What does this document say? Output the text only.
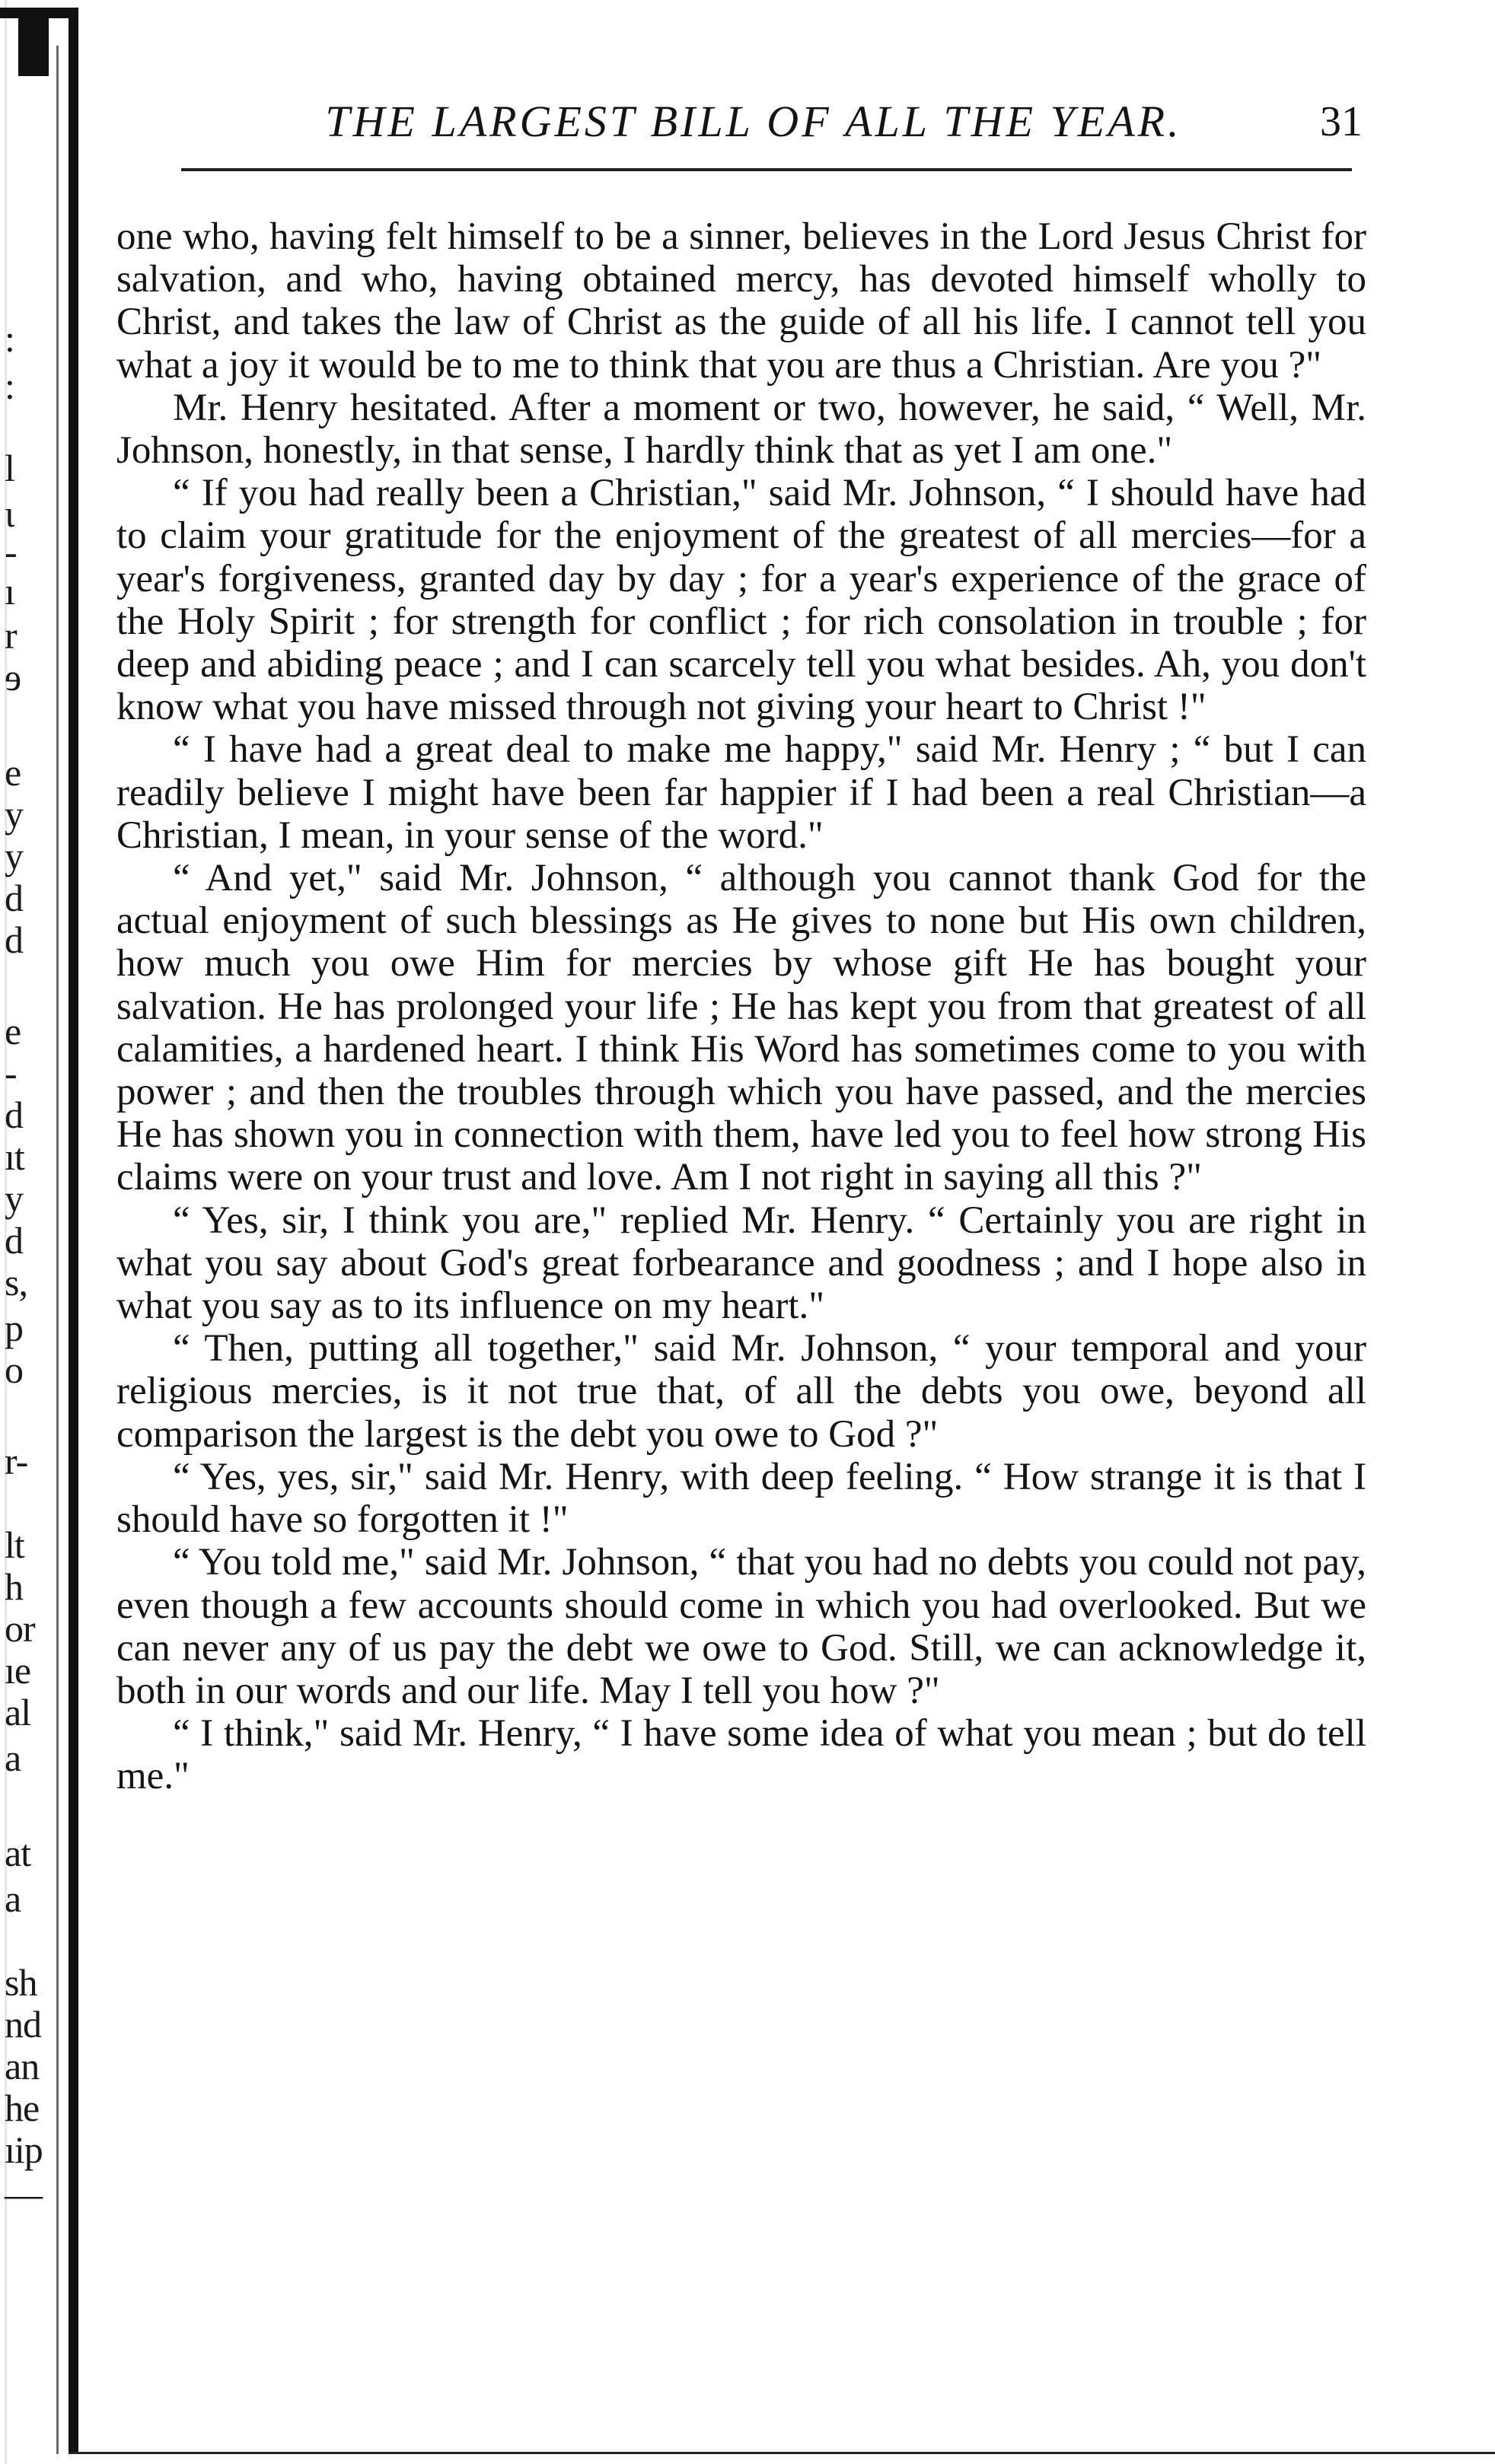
:
:
l
ι
-
ı
r
ɘ
e
y
y
d
d
e
-
d
ıt
y
d
s,
p
o
r-
lt
h
or
ıe
al
a
at
a
sh
nd
an
he
ıip
—
THE LARGEST BILL OF ALL THE YEAR.	31

one who, having felt himself to be a sinner, believes in the Lord Jesus Christ for salvation, and who, having obtained mercy, has devoted himself wholly to Christ, and takes the law of Christ as the guide of all his life. I cannot tell you what a joy it would be to me to think that you are thus a Christian. Are you ?"

Mr. Henry hesitated. After a moment or two, however, he said, “ Well, Mr. Johnson, honestly, in that sense, I hardly think that as yet I am one."

“ If you had really been a Christian," said Mr. Johnson, “ I should have had to claim your gratitude for the enjoyment of the greatest of all mercies—for a year's forgiveness, granted day by day ; for a year's experience of the grace of the Holy Spirit ; for strength for conflict ; for rich consolation in trouble ; for deep and abiding peace ; and I can scarcely tell you what besides. Ah, you don't know what you have missed through not giving your heart to Christ !"

“ I have had a great deal to make me happy," said Mr. Henry ; “ but I can readily believe I might have been far happier if I had been a real Christian—a Christian, I mean, in your sense of the word."

“ And yet," said Mr. Johnson, “ although you cannot thank God for the actual enjoyment of such blessings as He gives to none but His own children, how much you owe Him for mercies by whose gift He has bought your salvation. He has prolonged your life ; He has kept you from that greatest of all calamities, a hardened heart. I think His Word has sometimes come to you with power ; and then the troubles through which you have passed, and the mercies He has shown you in connection with them, have led you to feel how strong His claims were on your trust and love. Am I not right in saying all this ?"

“ Yes, sir, I think you are," replied Mr. Henry. “ Certainly you are right in what you say about God's great forbearance and goodness ; and I hope also in what you say as to its influence on my heart."

“ Then, putting all together," said Mr. Johnson, “ your temporal and your religious mercies, is it not true that, of all the debts you owe, beyond all comparison the largest is the debt you owe to God ?"

“ Yes, yes, sir," said Mr. Henry, with deep feeling. “ How strange it is that I should have so forgotten it !"

“ You told me," said Mr. Johnson, “ that you had no debts you could not pay, even though a few accounts should come in which you had overlooked. But we can never any of us pay the debt we owe to God. Still, we can acknowledge it, both in our words and our life. May I tell you how ?"

“ I think," said Mr. Henry, “ I have some idea of what you mean ; but do tell me."
